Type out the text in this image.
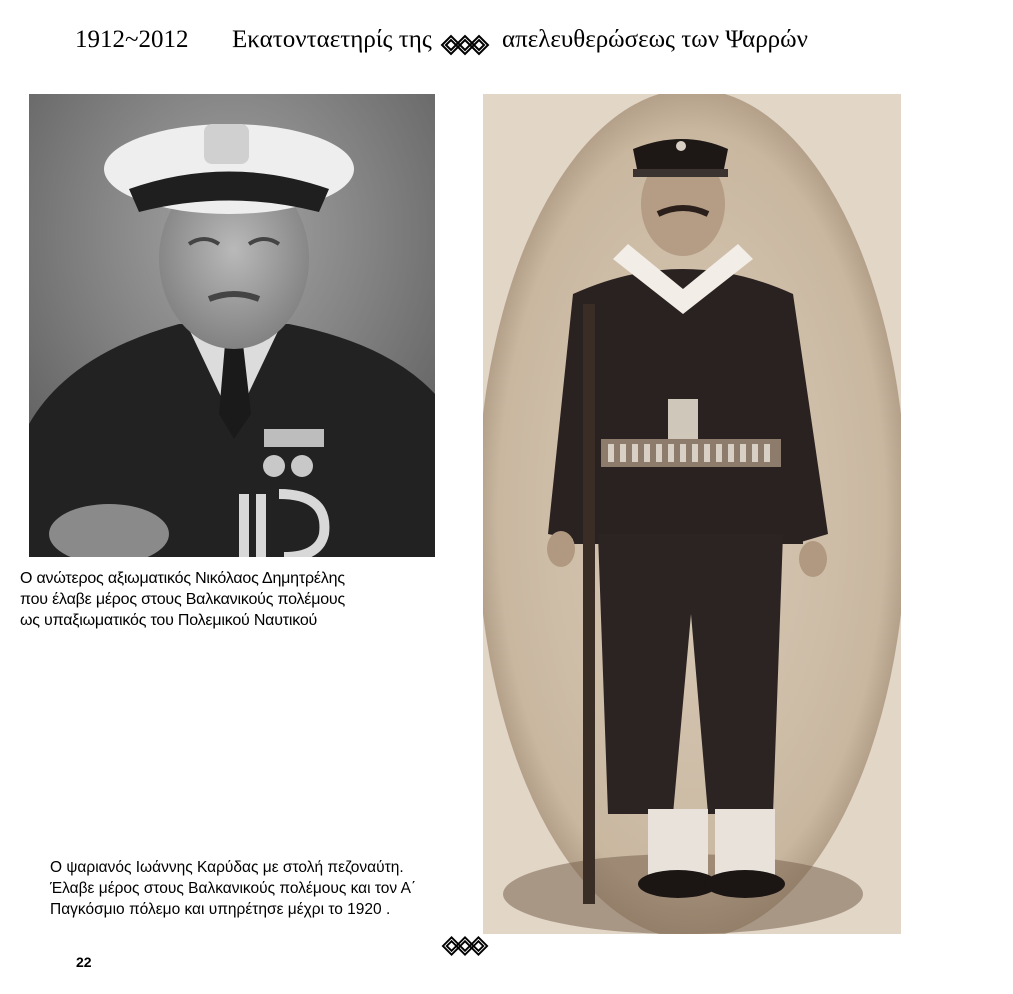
1912~2012 Εκατονταετηρίς της	απελευθερώσεως των Ψαρρών
Ο ανώτερος αξιωματικός Νικόλαος Δημητρέλης
που έλαβε μέρος στους Βαλκανικούς πολέμους
ως υπαξιωματικός του Πολεμικού Ναυτικού
Ο ψαριανός Ιωάννης Καρύδας με στολή πεζοναύτη.
Έλαβε μέρος στους Βαλκανικούς πολέμους και τον Α΄
Παγκόσμιο πόλεμο και υπηρέτησε μέχρι το 1920 .
22
